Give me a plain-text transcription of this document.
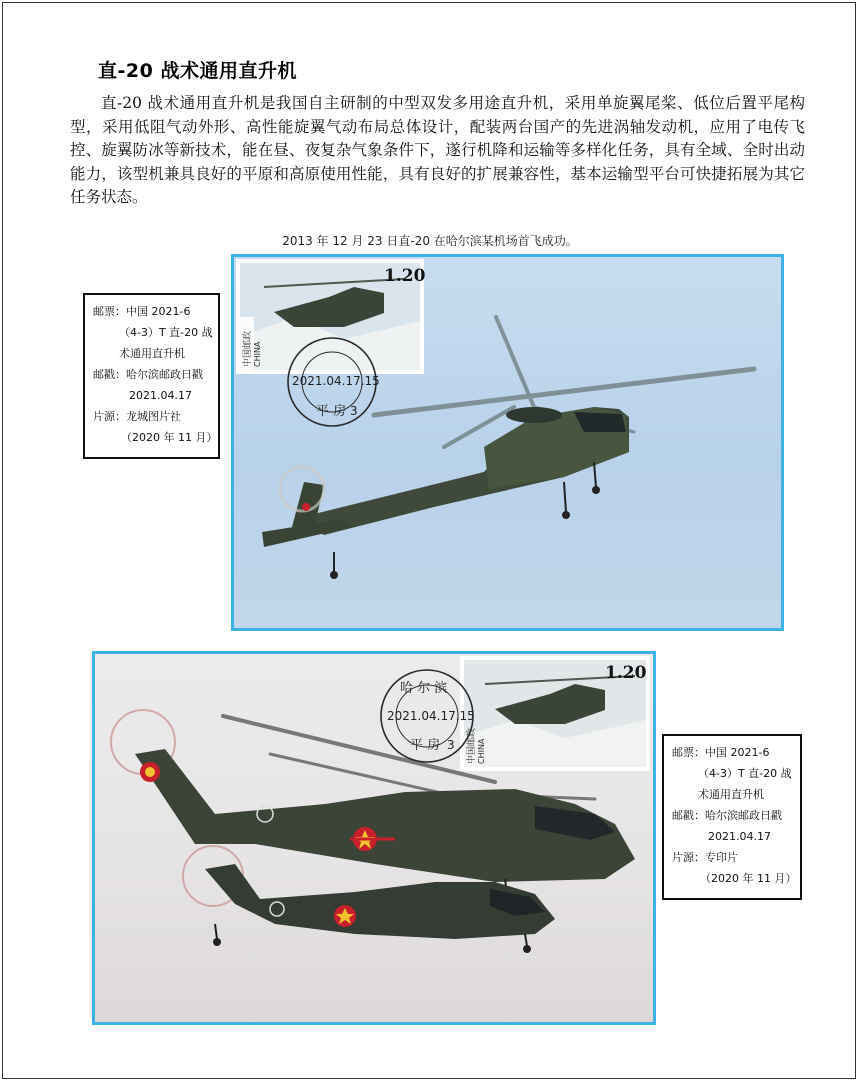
直-20 战术通用直升机

直-20 战术通用直升机是我国自主研制的中型双发多用途直升机，采用单旋翼尾桨、低位后置平尾构型，采用低阻气动外形、高性能旋翼气动布局总体设计，配装两台国产的先进涡轴发动机，应用了电传飞控、旋翼防冰等新技术，能在昼、夜复杂气象条件下，遂行机降和运输等多样化任务，具有全域、全时出动能力，该型机兼具良好的平原和高原使用性能，具有良好的扩展兼容性，基本运输型平台可快捷拓展为其它任务状态。

2013 年 12 月 23 日直-20 在哈尔滨某机场首飞成功。
1.20
中国邮政 CHINA
2021.04.17.15
平 房 3
邮票：中国 2021-6
（4-3）T 直-20 战
术通用直升机
邮戳：哈尔滨邮政日戳
2021.04.17
片源：龙城图片社
（2020 年 11 月）
1.20
中国邮政 CHINA
哈 尔 滨
2021.04.17.15
平 房 3
邮票：中国 2021-6
（4-3）T 直-20 战
术通用直升机
邮戳：哈尔滨邮政日戳
2021.04.17
片源：专印片
（2020 年 11 月）
